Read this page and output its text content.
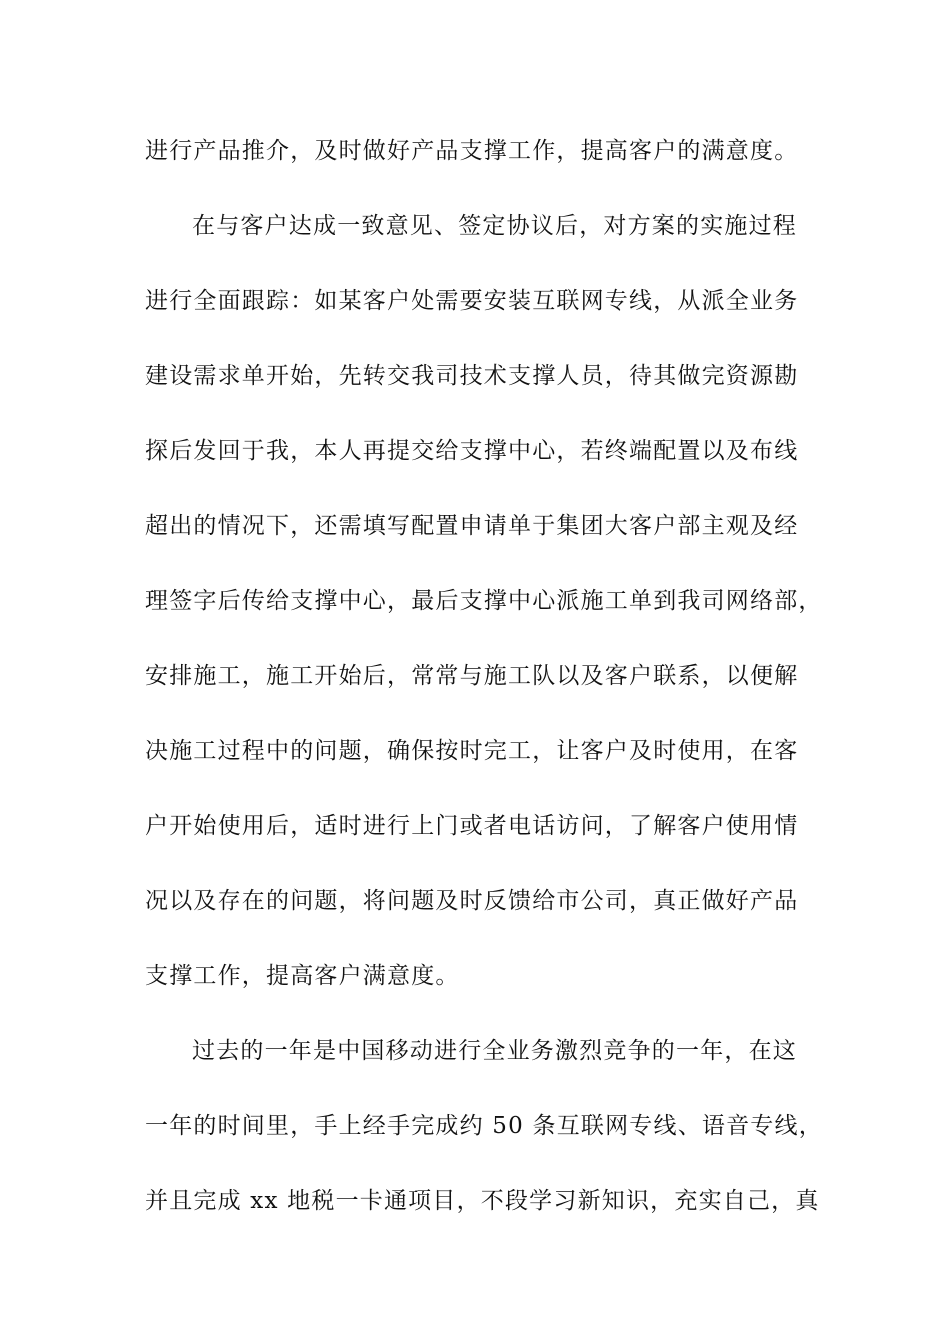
进行产品推介，及时做好产品支撑工作，提高客户的满意度。
在与客户达成一致意见、签定协议后，对方案的实施过程
进行全面跟踪：如某客户处需要安装互联网专线，从派全业务
建设需求单开始，先转交我司技术支撑人员，待其做完资源勘
探后发回于我，本人再提交给支撑中心，若终端配置以及布线
超出的情况下，还需填写配置申请单于集团大客户部主观及经
理签字后传给支撑中心，最后支撑中心派施工单到我司网络部，
安排施工，施工开始后，常常与施工队以及客户联系，以便解
决施工过程中的问题，确保按时完工，让客户及时使用，在客
户开始使用后，适时进行上门或者电话访问，了解客户使用情
况以及存在的问题，将问题及时反馈给市公司，真正做好产品
支撑工作，提高客户满意度。
过去的一年是中国移动进行全业务激烈竞争的一年，在这
一年的时间里，手上经手完成约 50 条互联网专线、语音专线，
并且完成 xx 地税一卡通项目，不段学习新知识，充实自己，真
